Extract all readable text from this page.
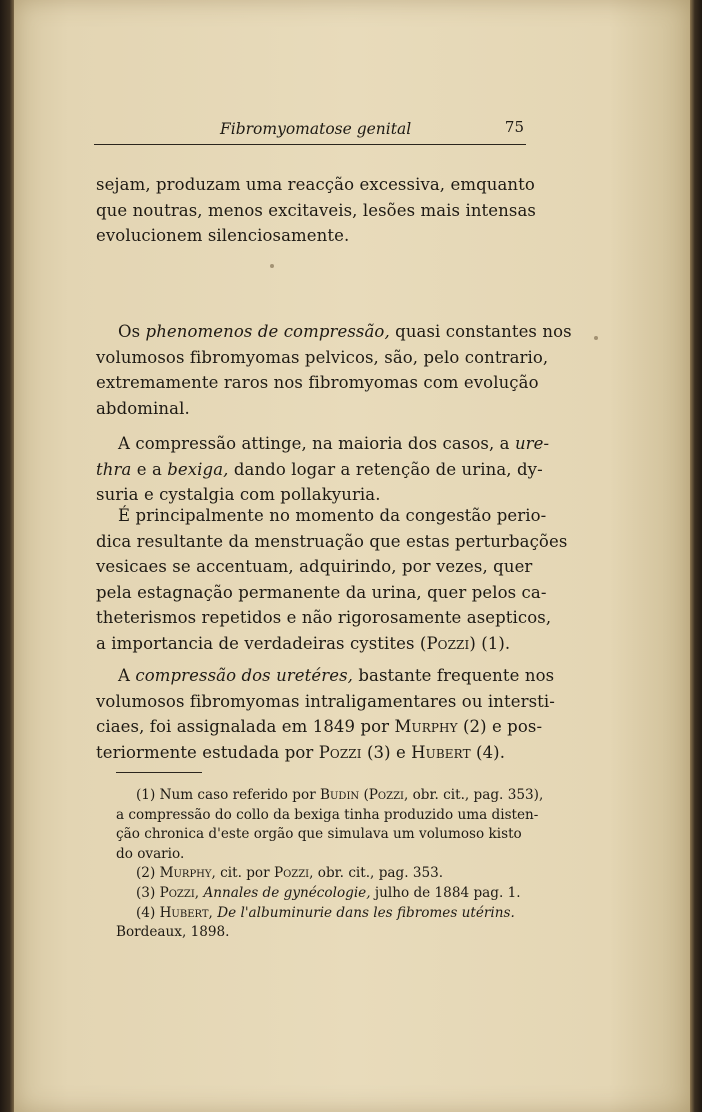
Fibromyomatose genital	75
sejam, produzam uma reacção excessiva, emquanto
que noutras, menos excitaveis, lesões mais intensas
evolucionem silenciosamente.
Os phenomenos de compressão, quasi constantes nos
volumosos fibromyomas pelvicos, são, pelo contrario,
extremamente raros nos fibromyomas com evolução
abdominal.
A compressão attinge, na maioria dos casos, a ure-
thra e a bexiga, dando logar a retenção de urina, dy-
suria e cystalgia com pollakyuria.
É principalmente no momento da congestão perio-
dica resultante da menstruação que estas perturbações
vesicaes se accentuam, adquirindo, por vezes, quer
pela estagnação permanente da urina, quer pelos ca-
theterismos repetidos e não rigorosamente asepticos,
a importancia de verdadeiras cystites (Pozzi) (1).
A compressão dos uretéres, bastante frequente nos
volumosos fibromyomas intraligamentares ou intersti-
ciaes, foi assignalada em 1849 por Murphy (2) e pos-
teriormente estudada por Pozzi (3) e Hubert (4).
(1) Num caso referido por Budin (Pozzi, obr. cit., pag. 353),
a compressão do collo da bexiga tinha produzido uma disten-
ção chronica d'este orgão que simulava um volumoso kisto
do ovario.
(2) Murphy, cit. por Pozzi, obr. cit., pag. 353.
(3) Pozzi, Annales de gynécologie, julho de 1884 pag. 1.
(4) Hubert, De l'albuminurie dans les fibromes utérins.
Bordeaux, 1898.
